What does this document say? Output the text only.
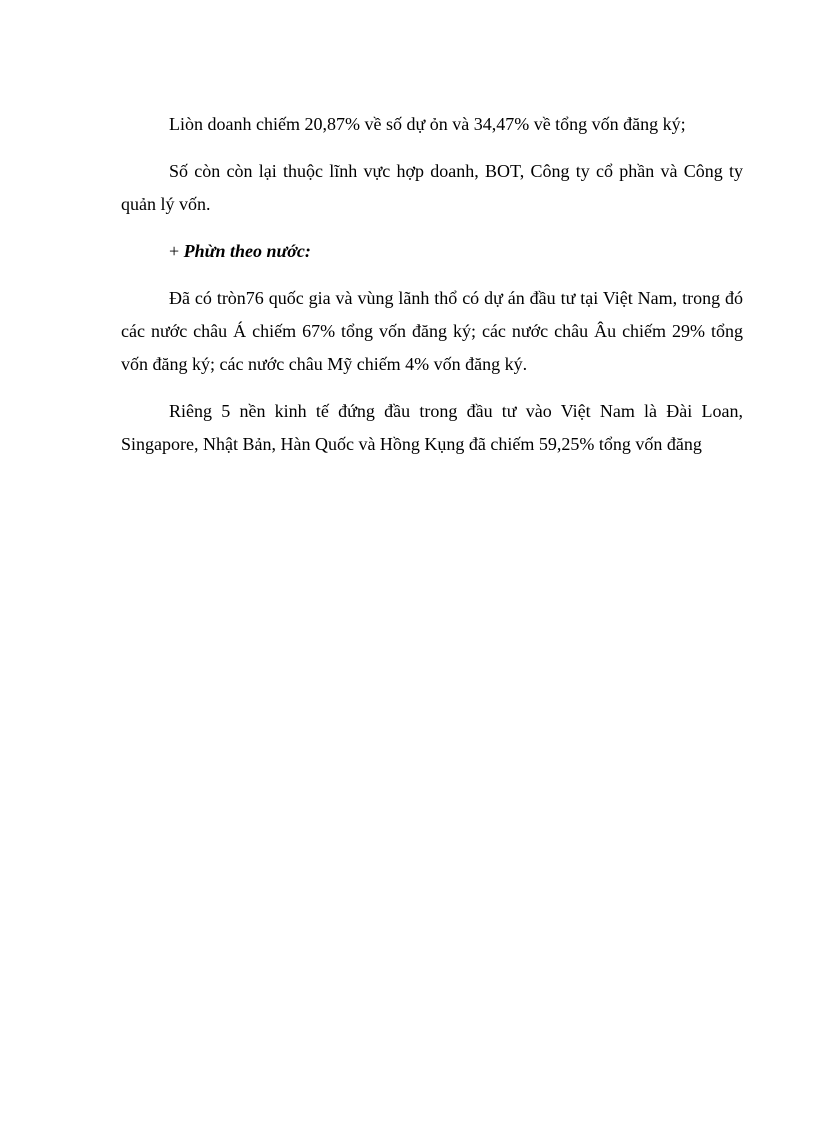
Liòn doanh chiếm 20,87% về số dự ỏn và 34,47% về tổng vốn đăng ký;

Số còn còn lại thuộc lĩnh vực hợp doanh, BOT, Công ty cổ phần và Công ty quản lý vốn.

+ Phừn theo nước:

Đã có tròn76 quốc gia và vùng lãnh thổ có dự án đầu tư tại Việt Nam, trong đó các nước châu Á chiếm 67% tổng vốn đăng ký; các nước châu Âu chiếm 29% tổng vốn đăng ký; các nước châu Mỹ chiếm 4% vốn đăng ký.

Riêng 5 nền kinh tế đứng đầu trong đầu tư vào Việt Nam là Đài Loan, Singapore, Nhật Bản, Hàn Quốc và Hồng Kụng đã chiếm 59,25% tổng vốn đăng
